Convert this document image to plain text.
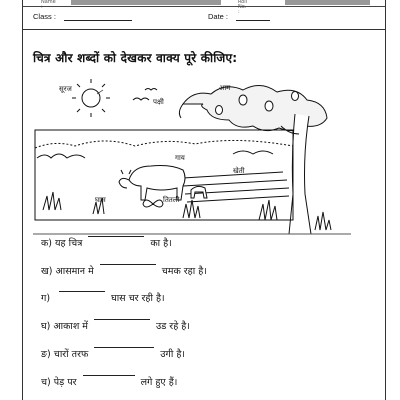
Name :
Roll No. :
Class :	Date :
चित्र और शब्दों को देखकर वाक्य पूरे कीजिए:
सूरज
पक्षी
आम
गाय
खेती
घास	तितली
क) यह चित्र	का है।
ख) आसमान मे	चमक रहा है।
ग)	घास चर रही है।
घ) आकाश में	उड रहे है।
ङ) चारों तरफ	उगी है।
च) पेड़ पर	लगे हुए हैं।
